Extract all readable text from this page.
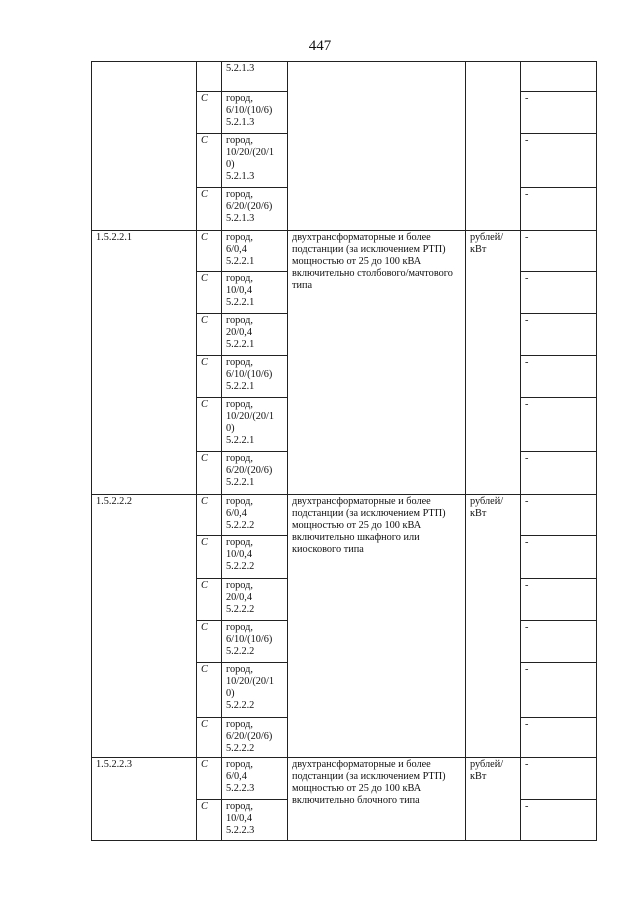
447

		5.2.1.3			

	C	город,
6/10/(10/6)
5.2.1.3			-
	C	город,
10/20/(20/1
0)
5.2.1.3			-
	C	город,
6/20/(20/6)
5.2.1.3			-
1.5.2.2.1	C	город,
6/0,4
5.2.2.1	двухтрансформаторные и более подстанции (за исключением РТП) мощностью от 25 до 100 кВА включительно столбового/мачтового типа	рублей/ кВт	-
	C	город,
10/0,4
5.2.2.1			-
	C	город,
20/0,4
5.2.2.1			-
	C	город,
6/10/(10/6)
5.2.2.1			-
	C	город,
10/20/(20/1
0)
5.2.2.1			-
	C	город,
6/20/(20/6)
5.2.2.1			-
1.5.2.2.2	C	город,
6/0,4
5.2.2.2	двухтрансформаторные и более подстанции (за исключением РТП) мощностью от 25 до 100 кВА включительно шкафного или киоскового типа	рублей/ кВт	-
	C	город,
10/0,4
5.2.2.2			-
	C	город,
20/0,4
5.2.2.2			-
	C	город,
6/10/(10/6)
5.2.2.2			-
	C	город,
10/20/(20/1
0)
5.2.2.2			-
	C	город,
6/20/(20/6)
5.2.2.2			-
1.5.2.2.3	C	город,
6/0,4
5.2.2.3	двухтрансформаторные и более подстанции (за исключением РТП) мощностью от 25 до 100 кВА включительно блочного типа	рублей/ кВт	-
	C	город,
10/0,4
5.2.2.3			-
